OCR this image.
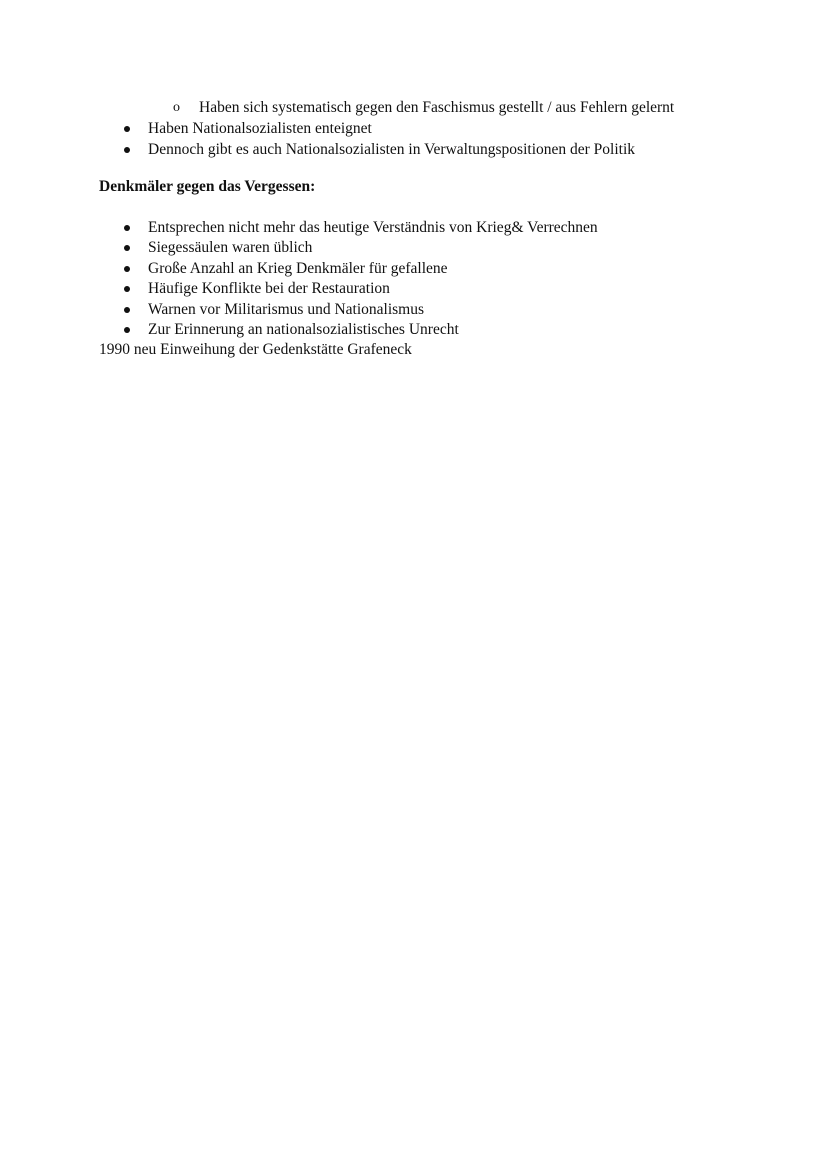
o Haben sich systematisch gegen den Faschismus gestellt / aus Fehlern gelernt
Haben Nationalsozialisten enteignet
Dennoch gibt es auch Nationalsozialisten in Verwaltungspositionen der Politik
Denkmäler gegen das Vergessen:
Entsprechen nicht mehr das heutige Verständnis von Krieg& Verrechnen
Siegessäulen waren üblich
Große Anzahl an Krieg Denkmäler für gefallene
Häufige Konflikte bei der Restauration
Warnen vor Militarismus und Nationalismus
Zur Erinnerung an nationalsozialistisches Unrecht
1990 neu Einweihung der Gedenkstätte Grafeneck
